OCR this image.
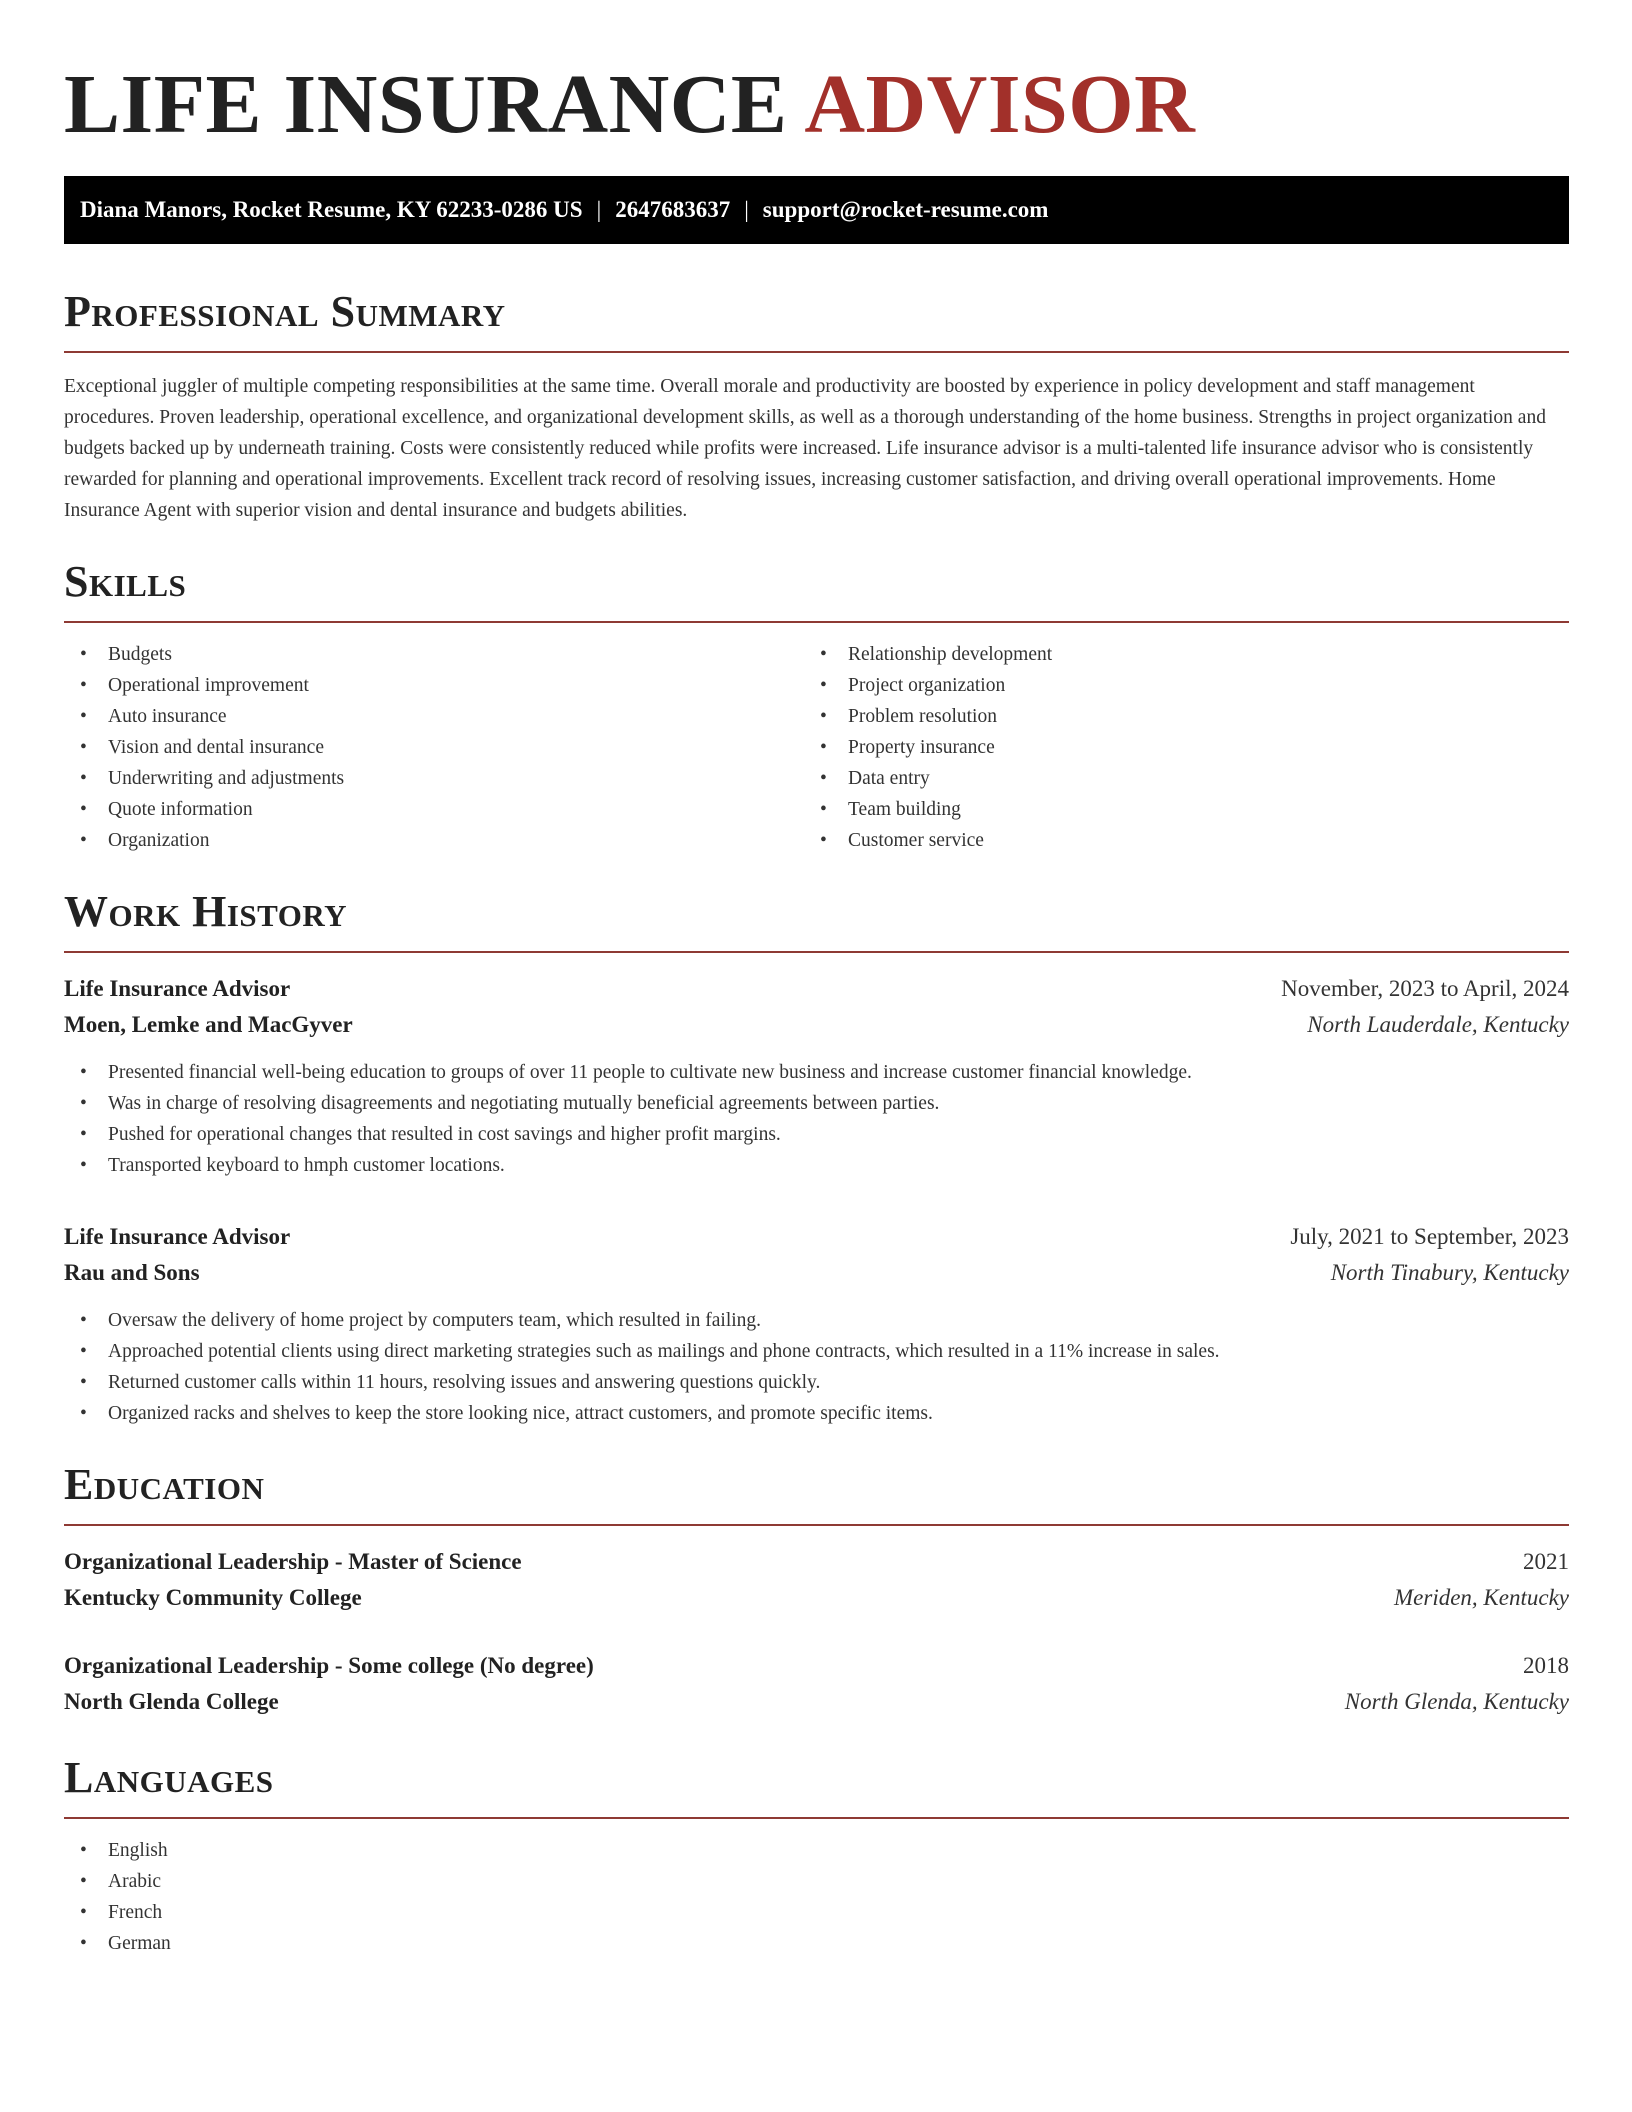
LIFE INSURANCE ADVISOR
Diana Manors, Rocket Resume, KY 62233-0286 US | 2647683637 | support@rocket-resume.com
Professional Summary
Exceptional juggler of multiple competing responsibilities at the same time. Overall morale and productivity are boosted by experience in policy development and staff management procedures. Proven leadership, operational excellence, and organizational development skills, as well as a thorough understanding of the home business. Strengths in project organization and budgets backed up by underneath training. Costs were consistently reduced while profits were increased. Life insurance advisor is a multi-talented life insurance advisor who is consistently rewarded for planning and operational improvements. Excellent track record of resolving issues, increasing customer satisfaction, and driving overall operational improvements. Home Insurance Agent with superior vision and dental insurance and budgets abilities.
Skills
• Budgets
• Operational improvement
• Auto insurance
• Vision and dental insurance
• Underwriting and adjustments
• Quote information
• Organization
• Relationship development
• Project organization
• Problem resolution
• Property insurance
• Data entry
• Team building
• Customer service
Work History
Life Insurance Advisor	November, 2023 to April, 2024
Moen, Lemke and MacGyver	North Lauderdale, Kentucky
• Presented financial well-being education to groups of over 11 people to cultivate new business and increase customer financial knowledge.
• Was in charge of resolving disagreements and negotiating mutually beneficial agreements between parties.
• Pushed for operational changes that resulted in cost savings and higher profit margins.
• Transported keyboard to hmph customer locations.
Life Insurance Advisor	July, 2021 to September, 2023
Rau and Sons	North Tinabury, Kentucky
• Oversaw the delivery of home project by computers team, which resulted in failing.
• Approached potential clients using direct marketing strategies such as mailings and phone contracts, which resulted in a 11% increase in sales.
• Returned customer calls within 11 hours, resolving issues and answering questions quickly.
• Organized racks and shelves to keep the store looking nice, attract customers, and promote specific items.
Education
Organizational Leadership - Master of Science	2021
Kentucky Community College	Meriden, Kentucky
Organizational Leadership - Some college (No degree)	2018
North Glenda College	North Glenda, Kentucky
Languages
• English
• Arabic
• French
• German
